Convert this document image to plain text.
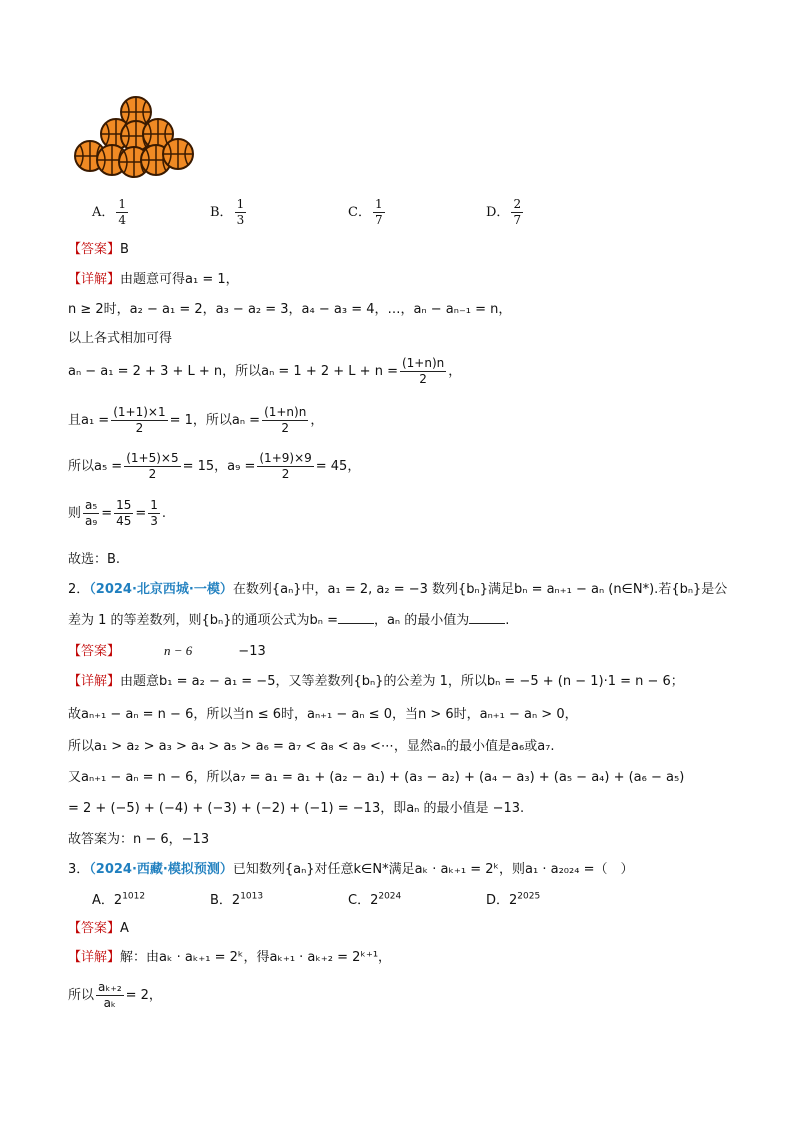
A． $\frac{1}{4}$	B． $\frac{1}{3}$	C． $\frac{1}{7}$	D． $\frac{2}{7}$
【答案】B
【详解】由题意可得a₁ = 1，
n ≥ 2时，a₂ − a₁ = 2，a₃ − a₂ = 3，a₄ − a₃ = 4，…，aₙ − aₙ₋₁ = n，
以上各式相加可得
aₙ − a₁ = 2 + 3 + L + n，所以$a_n = 1 + 2 + L + n = \frac{(1+n)n}{2}$ ，
且$a_1 = \frac{(1+1)\times 1}{2} = 1$，所以$a_n = \frac{(1+n)n}{2}$ ，
所以$a_5 = \frac{(1+5)\times 5}{2} = 15$，$a_9 = \frac{(1+9)\times 9}{2} = 45$，
则 $\frac{\text{a₅}}{\text{a₉}} = \frac{15}{45} = \frac{1}{3}$ .
故选：B.
2．（2024·北京西城·一模）在数列{aₙ}中，a₁ = 2, a₂ = −3 数列{bₙ}满足bₙ = aₙ₊₁ − aₙ (n∈N*).若{bₙ}是公
差为 1 的等差数列，则{bₙ}的通项公式为bₙ =	，aₙ 的最小值为	.
【答案】	n − 6	−13
【详解】由题意b₁ = a₂ − a₁ = −5，又等差数列{bₙ}的公差为 1，所以bₙ = −5 + (n − 1)·1 = n − 6；
故aₙ₊₁ − aₙ = n − 6，所以当n ≤ 6时，aₙ₊₁ − aₙ ≤ 0，当n > 6时，aₙ₊₁ − aₙ > 0，
所以a₁ > a₂ > a₃ > a₄ > a₅ > a₆ = a₇ < a₈ < a₉ <⋯，显然aₙ的最小值是a₆或a₇.
又aₙ₊₁ − aₙ = n − 6，所以a₇ = a₁ = a₁ + (a₂ − a₁) + (a₃ − a₂) + (a₄ − a₃) + (a₅ − a₄) + (a₆ − a₅)
= 2 + (−5) + (−4) + (−3) + (−2) + (−1) = −13，即aₙ 的最小值是 −13.
故答案为：n − 6，−13
3．（2024·西藏·模拟预测）已知数列{aₙ}对任意k∈N*满足aₖ · aₖ₊₁ = 2ᵏ，则a₁ · a₂₀₂₄ =（　）
A．$2^{1012}$	B．$2^{1013}$	C．$2^{2024}$	D．$2^{2025}$
【答案】A
【详解】解：由aₖ · aₖ₊₁ = 2ᵏ，得aₖ₊₁ · aₖ₊₂ = 2ᵏ⁺¹，
所以 $\frac{\text{aₖ₊₂}}{\text{aₖ}} = 2$，
